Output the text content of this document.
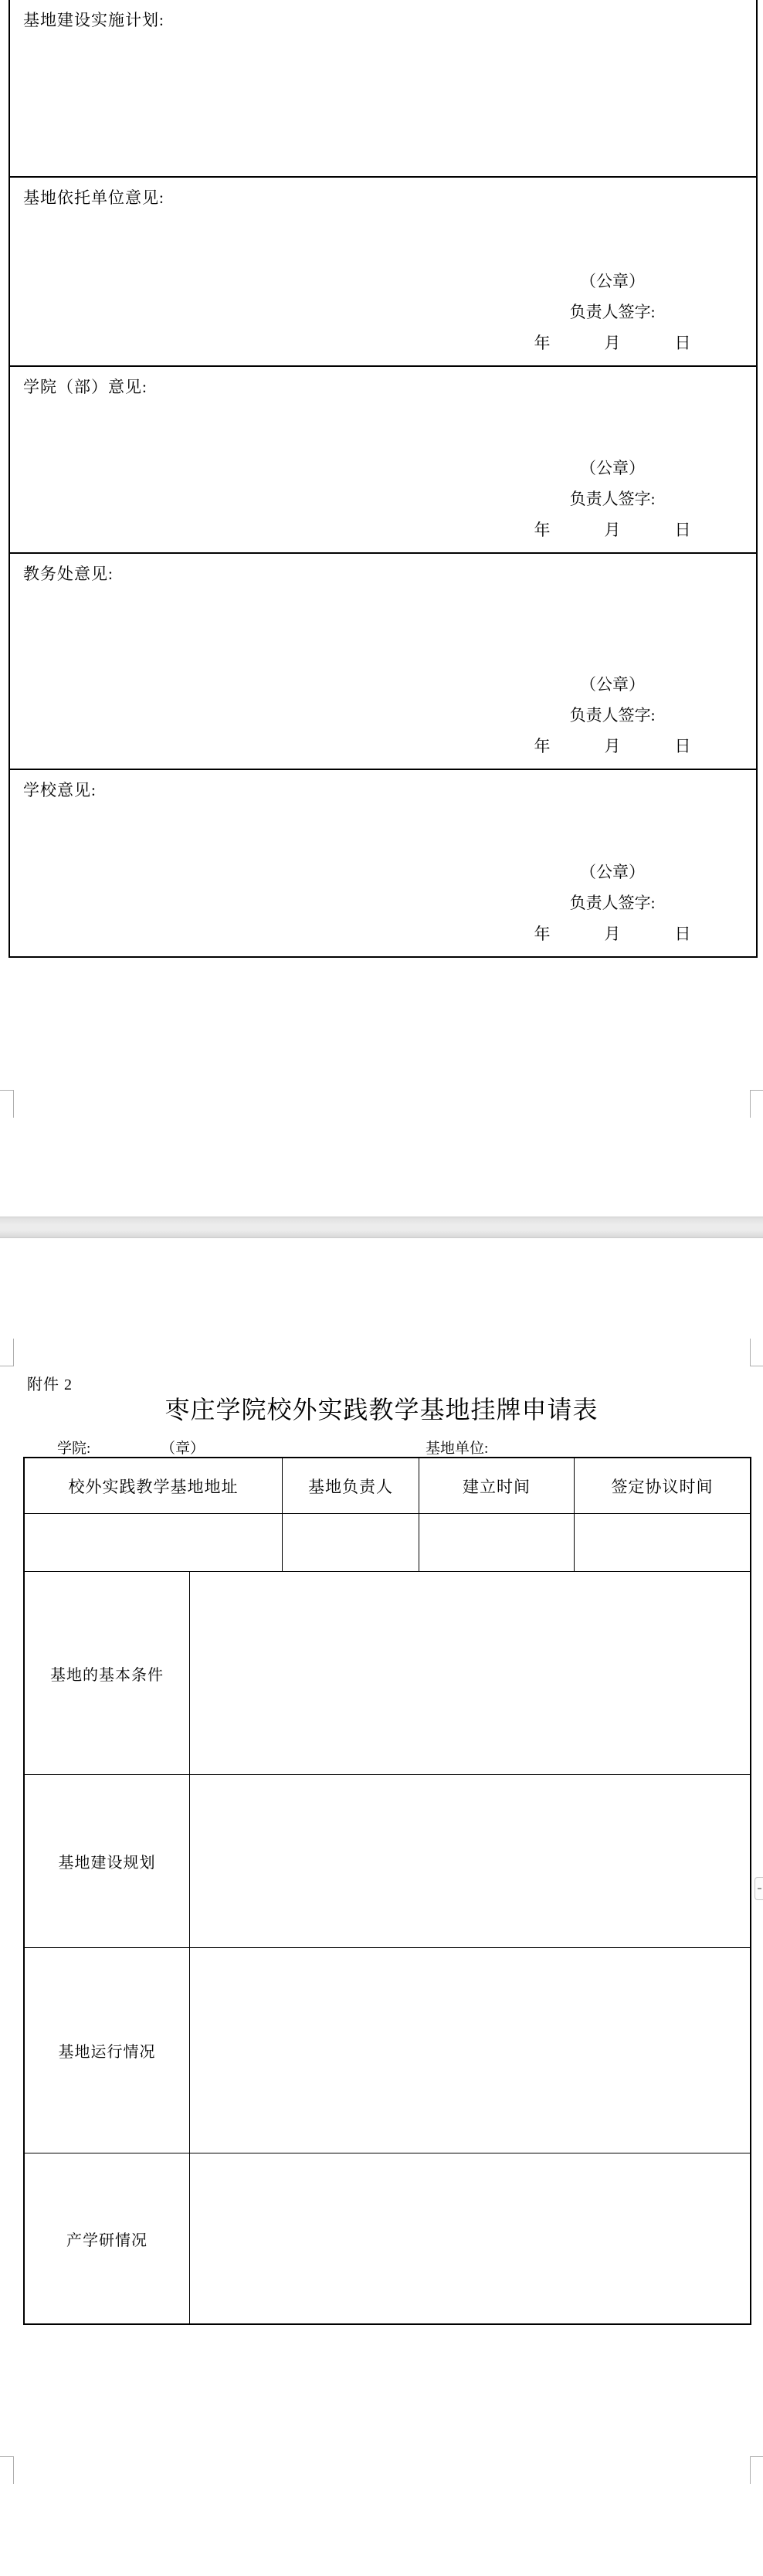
基地建设实施计划:
基地依托单位意见:
（公章）
负责人签字:
年	月	日
学院（部）意见:
（公章）
负责人签字:
年	月	日
教务处意见:
（公章）
负责人签字:
年	月	日
学校意见:
（公章）
负责人签字:
年	月	日
附件 2
枣庄学院校外实践教学基地挂牌申请表
学院:	（章）	基地单位:
校外实践教学基地地址	基地负责人	建立时间	签定协议时间
基地的基本条件
基地建设规划
基地运行情况
产学研情况
